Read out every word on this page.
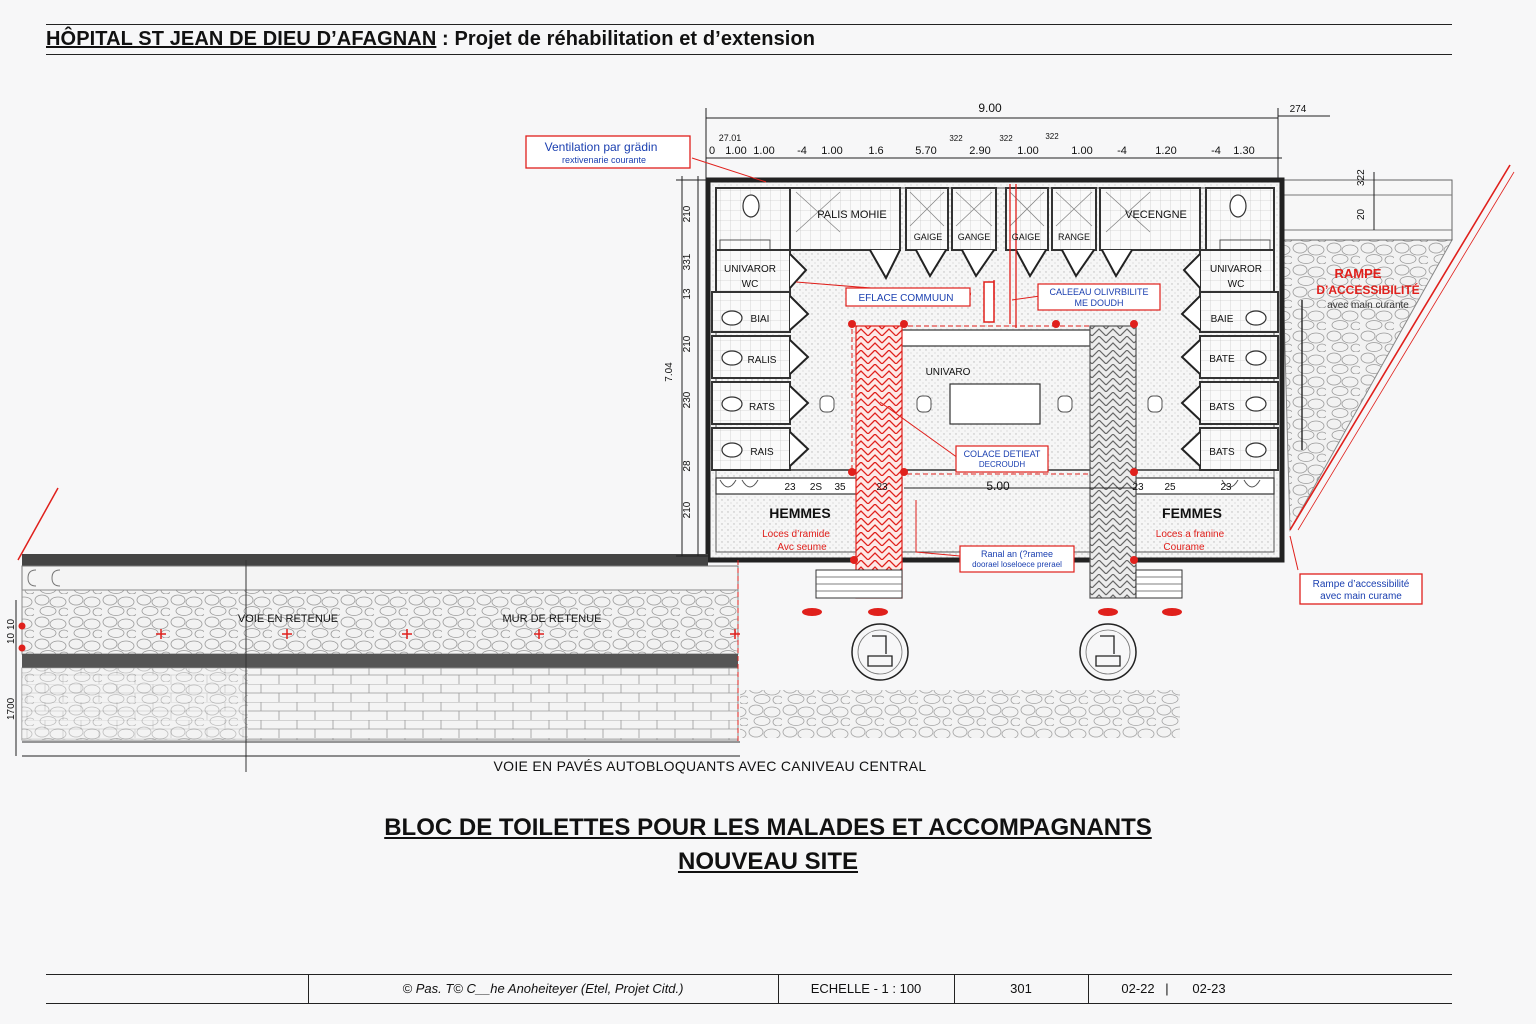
HÔPITAL ST JEAN DE DIEU D’AFAGNAN : Projet de réhabilitation et d’extension
9.00	274
27.01	322	322	322
0 1.00 1.00 -4 1.00 1.6	5.70	2.90 1.00	1.00 -4	1.20	-4 1.30
210
331
13
210
230
28
7.04
210
23 2S 35	23	5.00	23 25	23
10
10
1700
322
20
PALIS MOHIE	VECENGNE
GAIGE GANGE GAIGE RANGE
UNIVAROR
WC
UNIVAROR
WC
BIAI
RALIS
RATS
RAIS
BAIE
BATE
BATS
BATS
UNIVARO
HEMMES
Loces d’ramide
Avc seume
FEMMES
Loces a franine
Courame
VOIE EN RETENUE	MUR DE RETENUE
RAMPE
D’ACCESSIBILITÉ
avec main curante
Ventilation par grädin
rextivenarie courante
EFLACE COMMUUN
CALEEAU OLIVRBILITE
ME DOUDH
COLACE DETIEAT
DECROUDH
Ranal an (?ramee
doorael loseloece prerael
Rampe d’accessibilité
avec main curame
VOIE EN PAVÉS AUTOBLOQUANTS AVEC CANIVEAU CENTRAL
BLOC DE TOILETTES POUR LES MALADES ET ACCOMPAGNANTS
NOUVEAU SITE
© Pas. T© C__he Anoheiteyer (Etel, Projet Citd.)	ECHELLE - 1 : 100	301	02-22 |	02-23
